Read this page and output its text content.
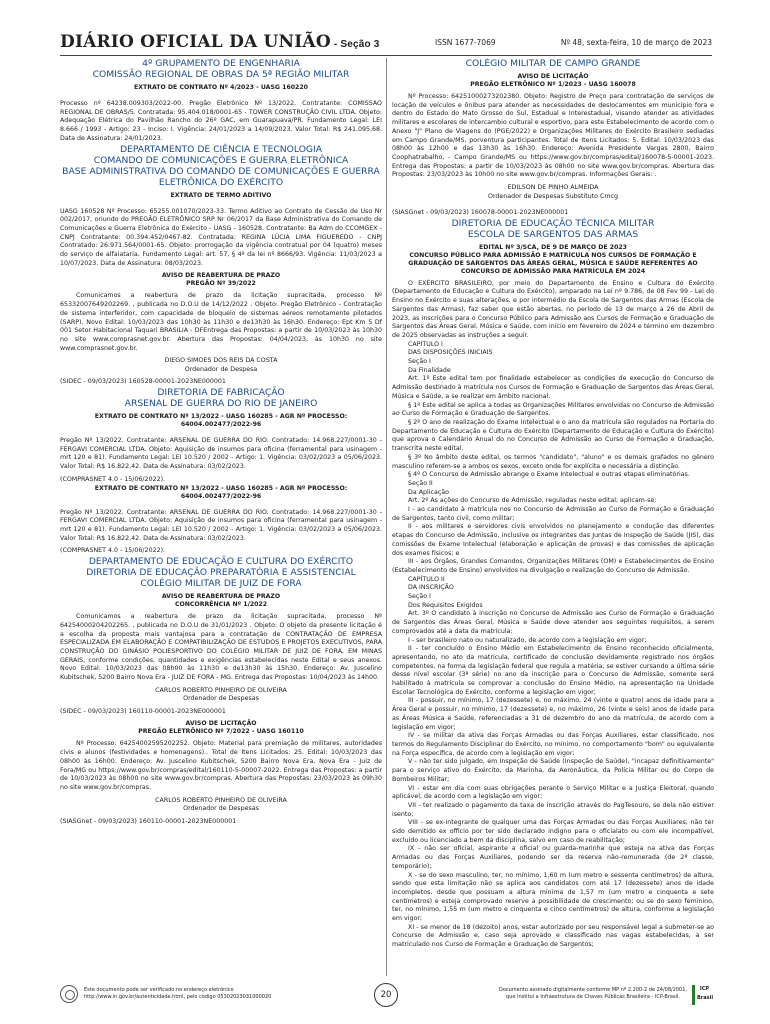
DIÁRIO OFICIAL DA UNIÃO - Seção 3	ISSN 1677-7069	Nº 48, sexta-feira, 10 de março de 2023
4º GRUPAMENTO DE ENGENHARIA
COMISSÃO REGIONAL DE OBRAS DA 5ª REGIÃO MILITAR
EXTRATO DE CONTRATO Nº 4/2023 - UASG 160220

Processo nº 64238.009303/2022-00. Pregão Eletrônico Nº 13/2022. Contratante: COMISSAO REGIONAL DE OBRAS/5. Contratada: 95.404.018/0001-65 - TOWER CONSTRUÇÃO CIVIL LTDA. Objeto: Adequação Elétrica do Pavilhão Rancho do 26º GAC, em Guarapuava/PR. Fundamento Legal: LEI 8.666 / 1993 - Artigo: 23 - Inciso: I. Vigência: 24/01/2023 a 14/09/2023. Valor Total: R$ 241.095,68. Data de Assinatura: 24/01/2023.

DEPARTAMENTO DE CIÊNCIA E TECNOLOGIA
COMANDO DE COMUNICAÇÕES E GUERRA ELETRÔNICA
BASE ADMINISTRATIVA DO COMANDO DE COMUNICAÇÕES E GUERRA ELETRÔNICA DO EXÉRCITO
EXTRATO DE TERMO ADITIVO

UASG 160528 Nº Processo: 65255.001070/2023-33. Termo Aditivo ao Contrato de Cessão de Uso Nr 002/2017, oriundo do PREGÃO ELETRÔNICO SRP Nr 06/2017 da Base Administrativa do Comando de Comunicações e Guerra Eletrônica do Exército - UASG - 160528. Contratante: Ba Adm do CCOMGEX - CNPJ Contratante: 00.394.452/0467-82. Contratada: REGINA LÚCIA LIMA FIGUEREDO - CNPJ Contratado: 26.971.564/0001-65. Objeto: prorrogação da vigência contratual por 04 (quatro) meses do serviço de alfaiataria. Fundamento Legal: art. 57, § 4º da lei nº 8666/93. Vigência: 11/03/2023 a 10/07/2023. Data de Assinatura: 08/03/2023.

AVISO DE REABERTURA DE PRAZO
PREGÃO Nº 39/2022

Comunicamos a reabertura de prazo da licitação supracitada, processo Nº 65332007649202269. , publicada no D.O.U de 14/12/2022 . Objeto: Pregão Eletrônico - Contratação de sistema interferidor, com capacidade de bloqueio de sistemas aéreos remotamente pilotados (SARP). Novo Edital: 10/03/2023 das 10h30 às 11h30 e de13h30 às 16h30. Endereço: Ept Km 5 Df 001 Setor Habitacional Taquari BRASILIA - DFEntrega das Propostas: a partir de 10/03/2023 às 10h30 no site www.comprasnet.gov.br. Abertura das Propostas: 04/04/2023, às 10h30 no site www.comprasnet.gov.br.

DIEGO SIMOES DOS REIS DA COSTA
Ordenador de Despesa

(SIDEC - 09/03/2023) 160528-00001-2023NE000001

DIRETORIA DE FABRICAÇÃO
ARSENAL DE GUERRA DO RIO DE JANEIRO
EXTRATO DE CONTRATO Nº 13/2022 - UASG 160285 - AGR Nº PROCESSO:
64004.002477/2022-96

Pregão Nº 13/2022. Contratante: ARSENAL DE GUERRA DO RIO. Contratado: 14.968.227/0001-30 - FERGAVI COMERCIAL LTDA. Objeto: Aquisição de insumos para oficina (ferramental para usinagem - mrt 120 e 81). Fundamento Legal: LEI 10.520 / 2002 - Artigo: 1. Vigência: 03/02/2023 a 05/06/2023. Valor Total: R$ 16.822,42. Data de Assinatura: 03/02/2023.

(COMPRASNET 4.0 - 15/06/2022).

EXTRATO DE CONTRATO Nº 13/2022 - UASG 160285 - AGR Nº PROCESSO:
64004.002477/2022-96

Pregão Nº 13/2022. Contratante: ARSENAL DE GUERRA DO RIO. Contratado: 14.968.227/0001-30 - FERGAVI COMERCIAL LTDA. Objeto: Aquisição de insumos para oficina (ferramental para usinagem - mrt 120 e 81). Fundamento Legal: LEI 10.520 / 2002 - Artigo: 1. Vigência: 03/02/2023 a 05/06/2023. Valor Total: R$ 16.822,42. Data de Assinatura: 03/02/2023.

(COMPRASNET 4.0 - 15/06/2022).

DEPARTAMENTO DE EDUCAÇÃO E CULTURA DO EXÉRCITO
DIRETORIA DE EDUCAÇÃO PREPARATÓRIA E ASSISTENCIAL
COLÉGIO MILITAR DE JUIZ DE FORA
AVISO DE REABERTURA DE PRAZO
CONCORRÊNCIA Nº 1/2022

Comunicamos a reabertura de prazo da licitação supracitada, processo Nº 64254000204202265. , publicada no D.O.U de 31/01/2023 . Objeto: O objeto da presente licitação é a escolha da proposta mais vantajosa para a contratação de CONTRATAÇÃO DE EMPRESA ESPECIALIZADA EM ELABORAÇÃO E COMPATIBILIZAÇÃO DE ESTUDOS E PROJETOS EXECUTIVOS, PARA CONSTRUÇÃO DO GINÁSIO POLIESPORTIVO DO COLÉGIO MILITAR DE JUIZ DE FORA, EM MINAS GERAIS, conforme condições, quantidades e exigências estabelecidas neste Edital e seus anexos. Novo Edital: 10/03/2023 das 08h00 às 11h30 e de13h30 às 15h30. Endereço: Av. Juscelino Kubitschek, 5200 Bairro Nova Era - JUIZ DE FORA - MG. Entrega das Propostas: 10/04/2023 às 14h00.

CARLOS ROBERTO PINHEIRO DE OLIVEIRA
Ordenador de Despesas

(SIDEC - 09/03/2023) 160110-00001-2023NE000001

AVISO DE LICITAÇÃO
PREGÃO ELETRÔNICO Nº 7/2022 - UASG 160110

Nº Processo: 64254002595202252. Objeto: Material para premiação de militares, autoridades civis e alunos (festividades e homenagens).. Total de Itens Licitados: 25. Edital: 10/03/2023 das 08h00 às 16h00. Endereço: Av. Juscelino Kubitschek, 5200 Bairro Nova Era, Nova Era - Juiz de Fora/MG ou https://www.gov.br/compras/edital/160110-5-00007-2022. Entrega das Propostas: a partir de 10/03/2023 às 08h00 no site www.gov.br/compras. Abertura das Propostas: 23/03/2023 às 09h30 no site www.gov.br/compras.

CARLOS ROBERTO PINHEIRO DE OLIVEIRA
Ordenador de Despesas

(SIASGnet - 09/03/2023) 160110-00001-2023NE000001

COLÉGIO MILITAR DE CAMPO GRANDE
AVISO DE LICITAÇÃO
PREGÃO ELETRÔNICO Nº 1/2023 - UASG 160078

Nº Processo: 64251000273202380. Objeto: Registro de Preço para contratação de serviços de locação de veículos e ônibus para atender as necessidades de deslocamentos em município fora e dentro do Estado do Mato Grosso do Sul, Estadual e Interestadual, visando atender as atividades militares e escolares de intercambio cultural e esportivo, para este Estabelecimento de acordo com o Anexo "J" Plano de Viagens do (PGE/2022) e Organizações Militares do Exército Brasileiro sediadas em Campo Grande/MS, porventura participantes. Total de Itens Licitados: 5. Edital: 10/03/2023 das 08h00 às 12h00 e das 13h30 às 16h30. Endereço: Avenida Presidente Vargas 2800, Bairro Coophatrabalho, - Campo Grande/MS ou https://www.gov.br/compras/edital/160078-5-00001-2023. Entrega das Propostas: a partir de 10/03/2023 às 08h00 no site www.gov.br/compras. Abertura das Propostas: 23/03/2023 às 10h00 no site www.gov.br/compras. Informações Gerais: .

EDILSON DE PINHO ALMEIDA
Ordenador de Despesas Substituto Cmcg

(SIASGnet - 09/03/2023) 160078-00001-2023NE000001

DIRETORIA DE EDUCAÇÃO TÉCNICA MILITAR
ESCOLA DE SARGENTOS DAS ARMAS
EDITAL Nº 3/SCA, DE 9 DE MARÇO DE 2023
CONCURSO PÚBLICO PARA ADMISSÃO E MATRÍCULA NOS CURSOS DE FORMAÇÃO E GRADUAÇÃO DE SARGENTOS DAS ÁREAS GERAL, MÚSICA E SAÚDE REFERENTES AO CONCURSO DE ADMISSÃO PARA MATRÍCULA EM 2024

O EXÉRCITO BRASILEIRO, por meio do Departamento de Ensino e Cultura do Exército (Departamento de Educação e Cultura do Exército), amparado na Lei nº 9.786, de 08 Fev 99 - Lei do Ensino no Exército e suas alterações, e por intermédio da Escola de Sargentos das Armas (Escola de Sargentos das Armas), faz saber que estão abertas, no período de 13 de março a 26 de Abril de 2023, as inscrições para o Concurso Público para Admissão aos Cursos de Formação e Graduação de Sargentos das Áreas Geral, Música e Saúde, com início em fevereiro de 2024 e término em dezembro de 2025 observadas as instruções a seguir.

CAPÍTULO I

DAS DISPOSIÇÕES INICIAIS

Seção I

Da Finalidade

Art. 1º Este edital tem por finalidade estabelecer as condições de execução do Concurso de Admissão destinado à matrícula nos Cursos de Formação e Graduação de Sargentos das Áreas Geral, Música e Saúde, a se realizar em âmbito nacional.

§ 1º Este edital se aplica a todas as Organizações Militares envolvidas no Concurso de Admissão ao Curso de Formação e Graduação de Sargentos.

§ 2º O ano de realização do Exame Intelectual e o ano da matrícula são regulados na Portaria do Departamento de Educação e Cultura do Exército (Departamento de Educação e Cultura do Exército) que aprova o Calendário Anual do no Concurso de Admissão ao Curso de Formação e Graduação, transcrita neste edital.

§ 3º No âmbito deste edital, os termos "candidato", "aluno" e os demais grafados no gênero masculino referem-se a ambos os sexos, exceto onde for explícita e necessária a distinção.

§ 4º O Concurso de Admissão abrange o Exame Intelectual e outras etapas eliminatórias.

Seção II

Da Aplicação

Art. 2º As ações do Concurso de Admissão, reguladas neste edital, aplicam-se:

I - ao candidato à matrícula nos no Concurso de Admissão ao Curso de Formação e Graduação de Sargentos, tanto civil, como militar;

II - aos militares e servidores civis envolvidos no planejamento e condução das diferentes etapas do Concurso de Admissão, inclusive os integrantes das Juntas de Inspeção de Saúde (JIS), das comissões de Exame Intelectual (elaboração e aplicação de provas) e das comissões de aplicação dos exames físicos; e

III - aos Órgãos, Grandes Comandos, Organizações Militares (OM) e Estabelecimentos de Ensino (Estabelecimento de Ensino) envolvidos na divulgação e realização do Concurso de Admissão.

CAPÍTULO II

DA INSCRIÇÃO

Seção I

Dos Requisitos Exigidos

Art. 3º O candidato à inscrição no Concurso de Admissão aos Curso de Formação e Graduação de Sargentos das Áreas Geral, Música e Saúde deve atender aos seguintes requisitos, a serem comprovados até a data da matrícula:

I - ser brasileiro nato ou naturalizado, de acordo com a legislação em vigor;

II - ter concluído o Ensino Médio em Estabelecimento de Ensino reconhecido oficialmente, apresentando, no ato da matrícula, certificado de conclusão devidamente registrado nos órgãos competentes, na forma da legislação federal que regula a matéria; se estiver cursando a última série desse nível escolar (3ª série) no ano da inscrição para o Concurso de Admissão, somente será habilitado à matrícula se comprovar a conclusão do Ensino Médio, na apresentação na Unidade Escolar Tecnológica do Exército, conforme a legislação em vigor;

III - possuir, no mínimo, 17 (dezessete) e, no máximo, 24 (vinte e quatro) anos de idade para a Área Geral e possuir, no mínimo, 17 (dezessete) e, no máximo, 26 (vinte e seis) anos de idade para as Áreas Música e Saúde, referenciadas a 31 de dezembro do ano da matrícula, de acordo com a legislação em vigor;

IV - se militar da ativa das Forças Armadas ou das Forças Auxiliares, estar classificado, nos termos do Regulamento Disciplinar do Exército, no mínimo, no comportamento "bom" ou equivalente na Força específica, de acordo com a legislação em vigor;

V - não ter sido julgado, em Inspeção de Saúde (Inspeção de Saúde), "incapaz definitivamente" para o serviço ativo do Exército, da Marinha, da Aeronáutica, da Polícia Militar ou do Corpo de Bombeiros Militar;

VI - estar em dia com suas obrigações perante o Serviço Militar e a Justiça Eleitoral, quando aplicável, de acordo com a legislação em vigor;

VII - ter realizado o pagamento da taxa de inscrição através do PagTesouro, se dela não estiver isento;

VIII - se ex-integrante de qualquer uma das Forças Armadas ou das Forças Auxiliares, não ter sido demitido ex officio por ter sido declarado indigno para o oficialato ou com ele incompatível, excluído ou licenciado a bem da disciplina, salvo em caso de reabilitação;

IX - não ser oficial, aspirante a oficial ou guarda-marinha que esteja na ativa das Forças Armadas ou das Forças Auxiliares, podendo ser da reserva não-remunerada (de 2ª classe, temporário);

X - se do sexo masculino, ter, no mínimo, 1,60 m (um metro e sessenta centímetros) de altura, sendo que esta limitação não se aplica aos candidatos com até 17 (dezessete) anos de idade incompletos, desde que possuam a altura mínima de 1,57 m (um metro e cinquenta e sete centímetros) e esteja comprovado reserve a possibilidade de crescimento; ou se do sexo feminino, ter, no mínimo, 1,55 m (um metro e cinquenta e cinco centímetros) de altura, conforme a legislação em vigor;

XI - se menor de 18 (dezoito) anos, estar autorizado por seu responsável legal a submeter-se ao Concurso de Admissão e, caso seja aprovado e classificado nas vagas estabelecidas, a ser matriculado nos Curso de Formação e Graduação de Sargentos;

Este documento pode ser verificado no endereço eletrônico
http://www.in.gov.br/autenticidade.html, pelo código 05302023031000020	20	Documento assinado digitalmente conforme MP nº 2.200-2 de 24/08/2001,
que institui a Infraestrutura de Chaves Públicas Brasileira - ICP-Brasil.
ICP
Brasil
